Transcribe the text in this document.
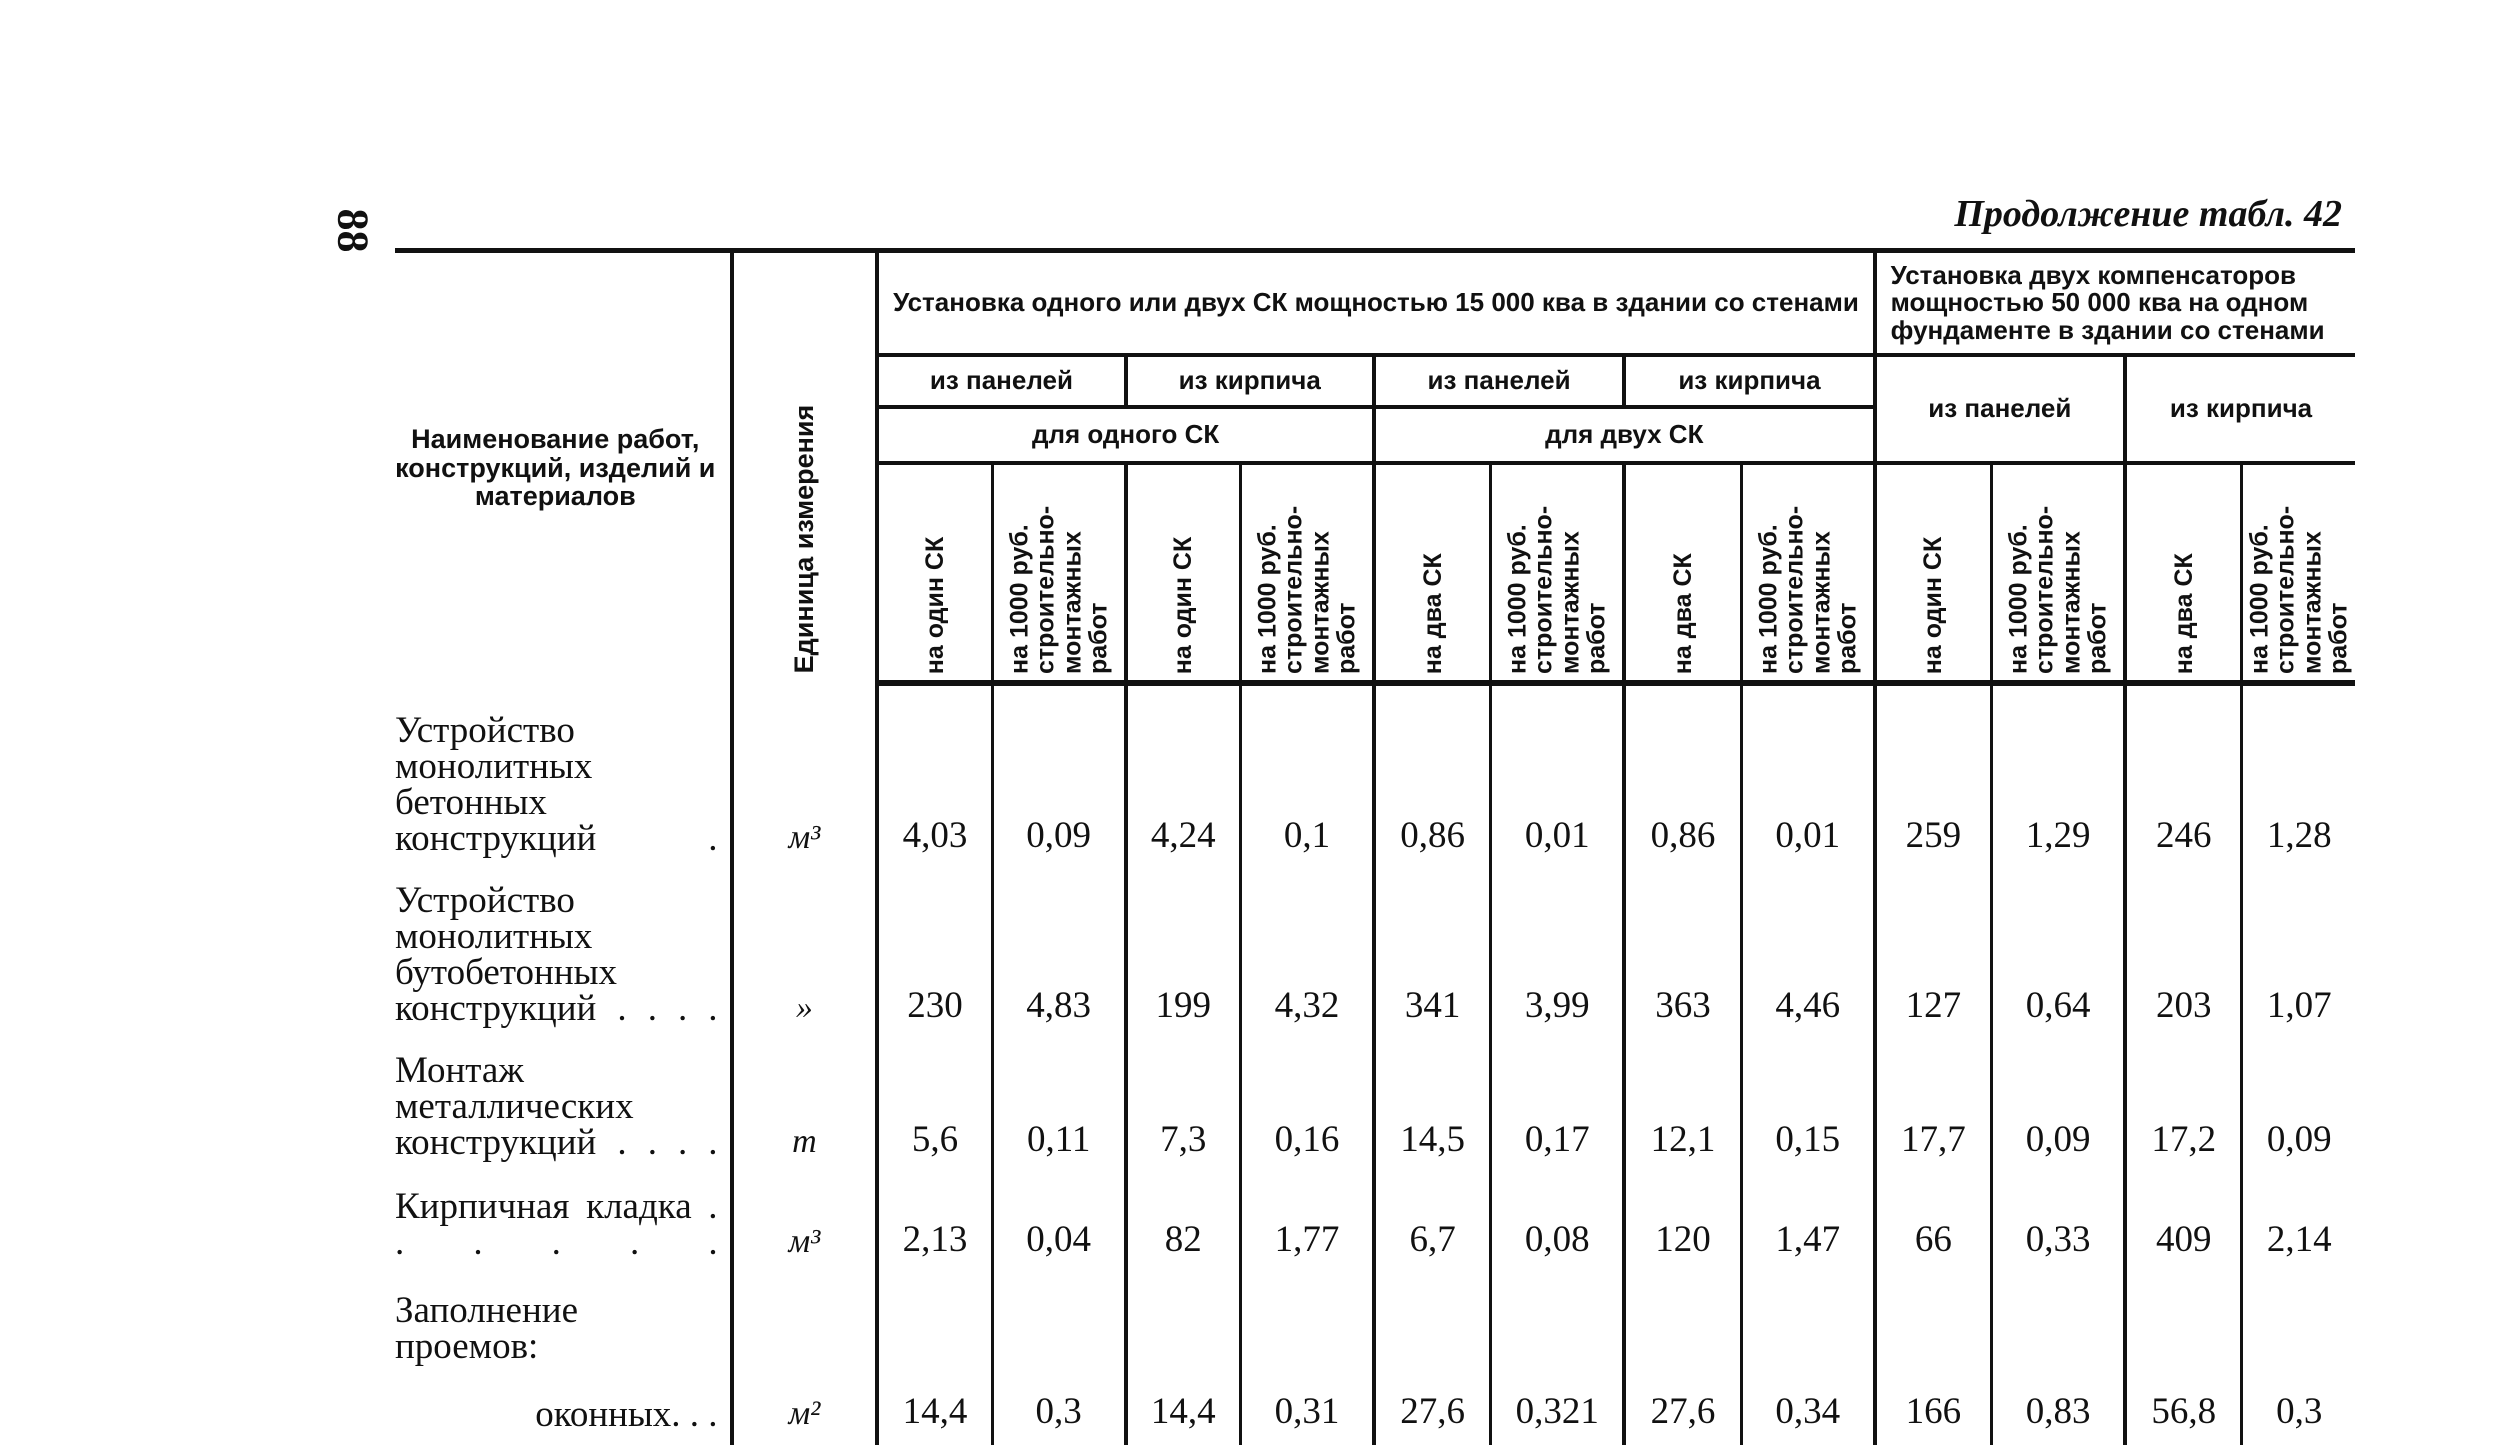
88	Продолжение табл. 42
Наименование работ, конструкций, изделий и материалов	Единица измерения	Установка одного или двух СК мощностью 15 000 ква в здании со стенами								Установка двух компенсаторов мощностью 50 000 ква на одном фундаменте в здании со стенами			
		из панелей		из кирпича		из панелей		из кирпича		из панелей		из кирпича	
		для одного СК				для двух СК							

		на один СК	на 1000 руб. строительно-монтажных работ	на один СК	на 1000 руб. строительно-монтажных работ	на два СК	на 1000 руб. строительно-монтажных работ	на два СК	на 1000 руб. строительно-монтажных работ	на один СК	на 1000 руб. строительно-монтажных работ	на два СК	на 1000 руб. строительно-монтажных работ

Устройство монолитных бетонных конструкций .	м³	4,03	0,09	4,24	0,1	0,86	0,01	0,86	0,01	259	1,29	246	1,28
Устройство монолитных бутобетонных конструкций . . . .	»	230	4,83	199	4,32	341	3,99	363	4,46	127	0,64	203	1,07
Монтаж металлических конструкций . . . .	т	5,6	0,11	7,3	0,16	14,5	0,17	12,1	0,15	17,7	0,09	17,2	0,09
Кирпичная кладка . . . . . .	м³	2,13	0,04	82	1,77	6,7	0,08	120	1,47	66	0,33	409	2,14
Заполнение проемов:													
оконных. . .	м²	14,4	0,3	14,4	0,31	27,6	0,321	27,6	0,34	166	0,83	56,8	0,3
